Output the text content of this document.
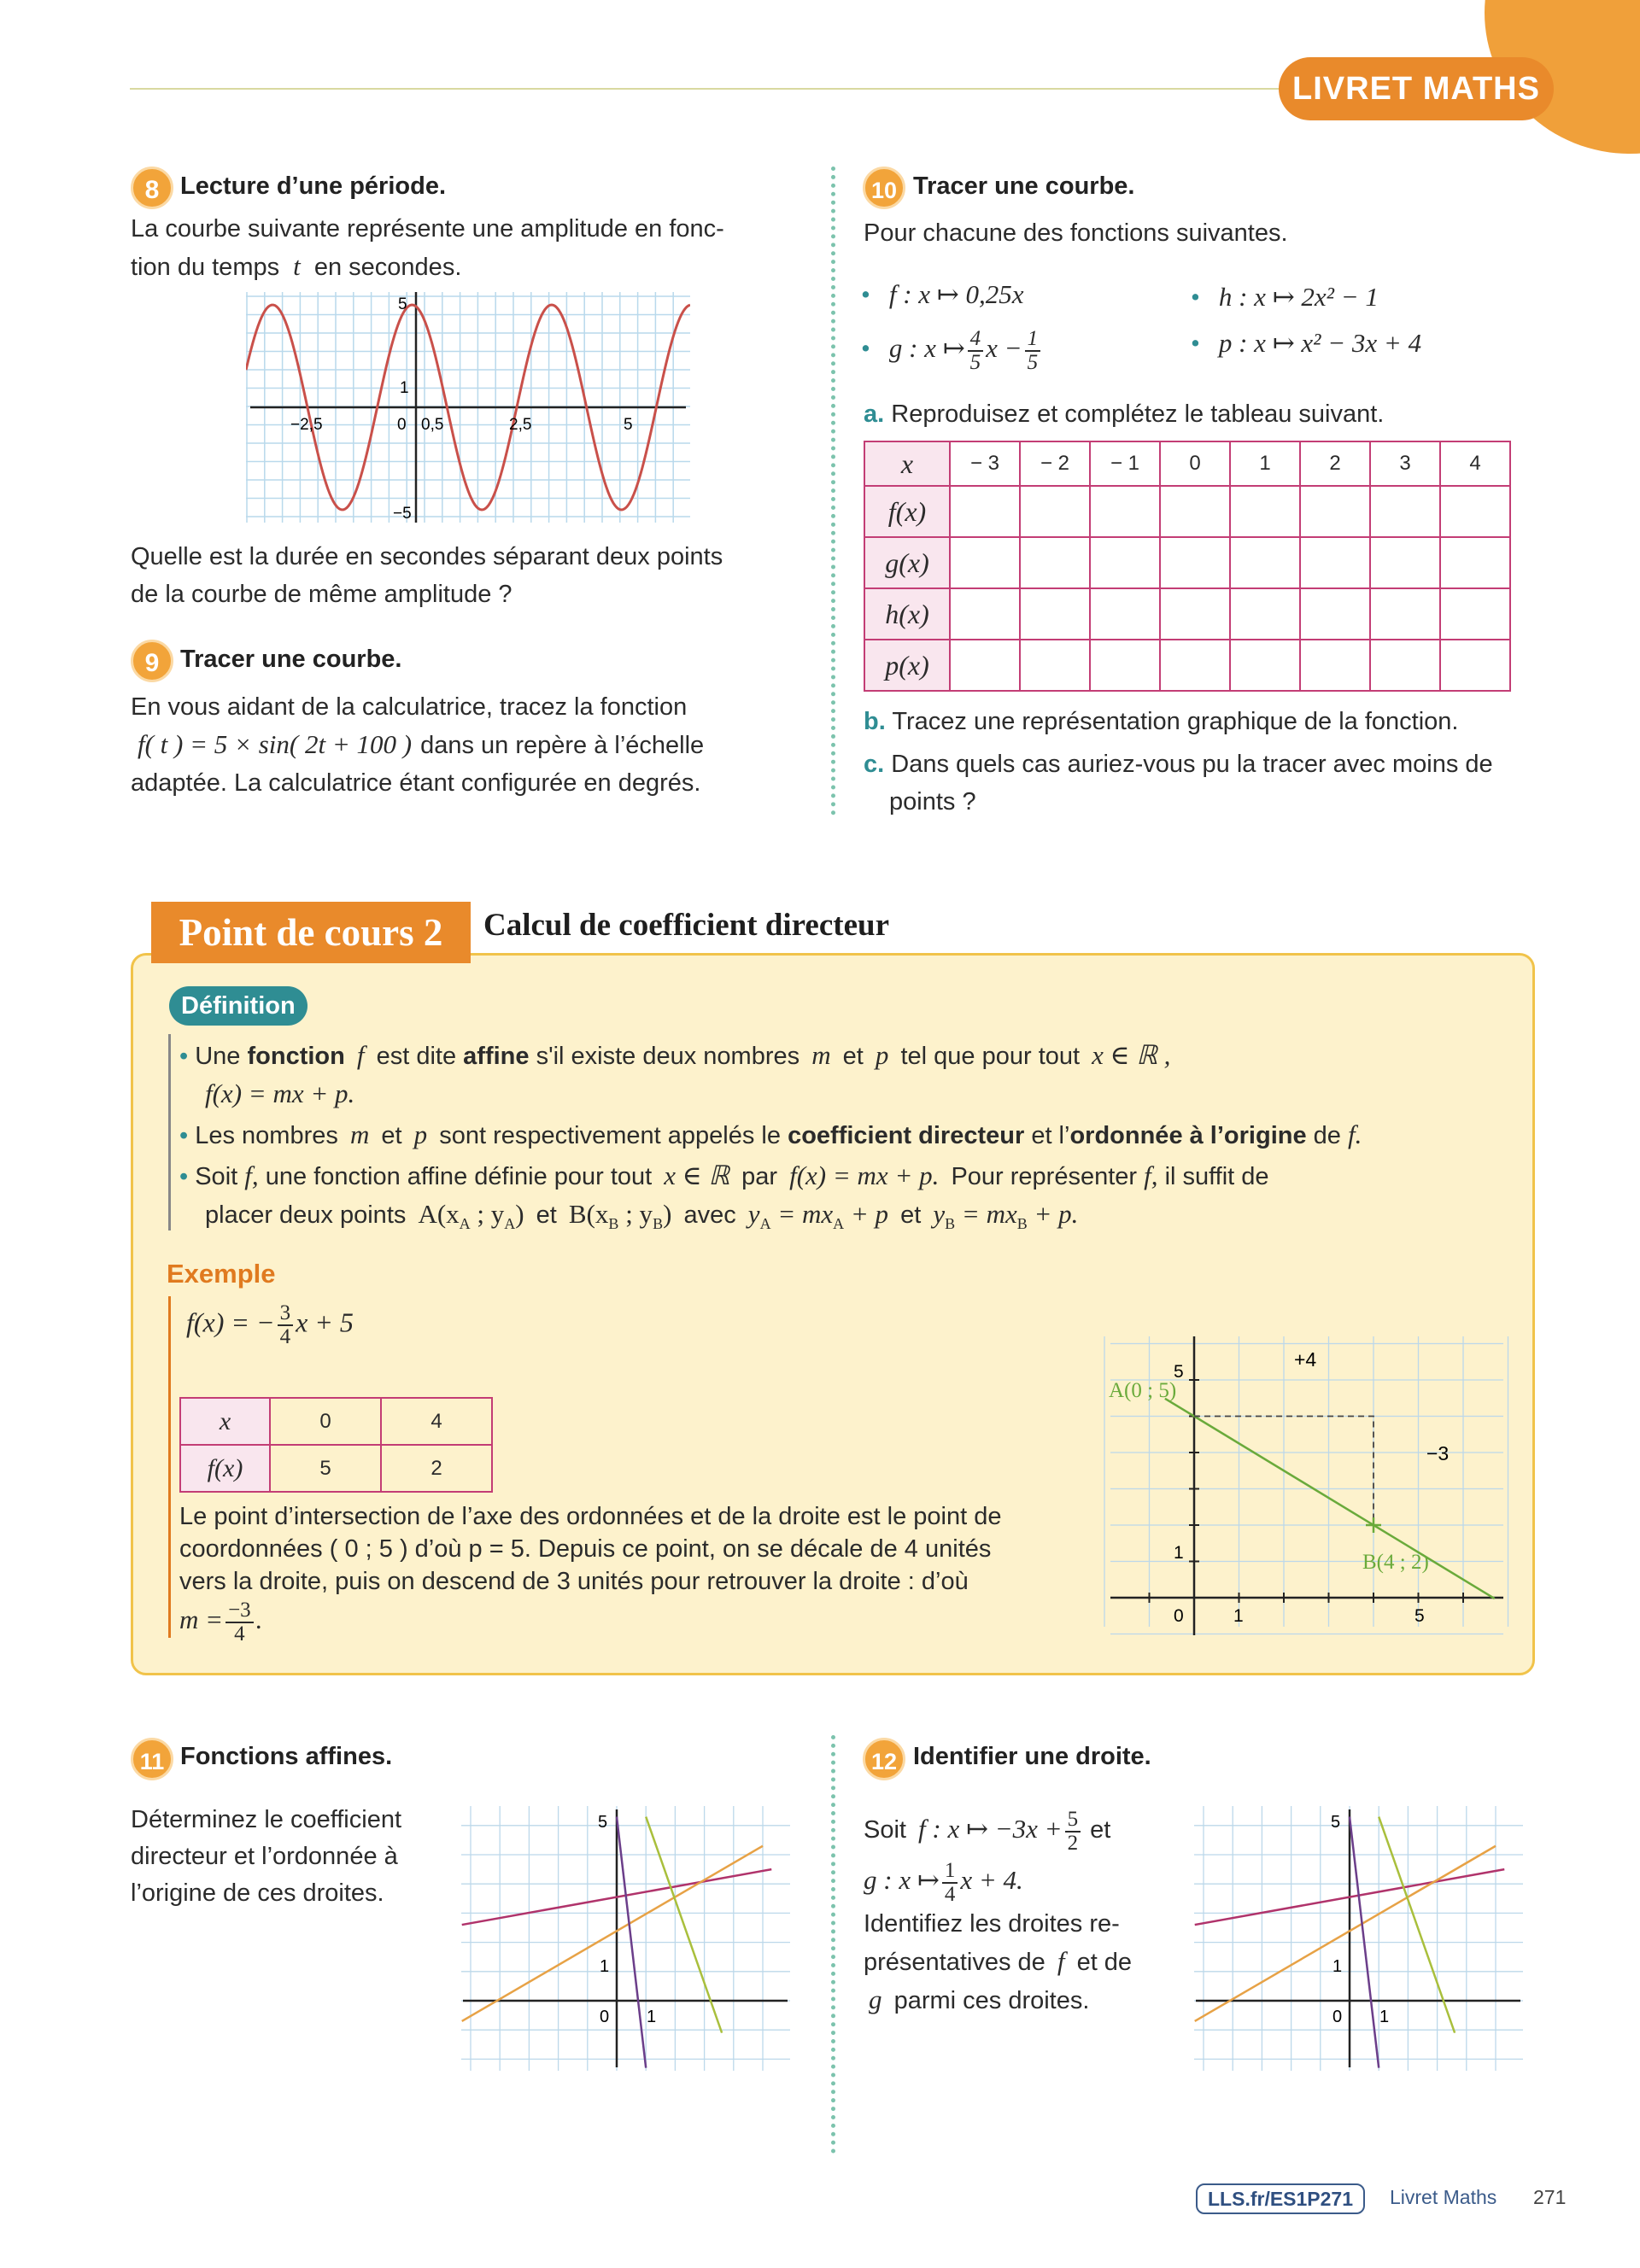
LIVRET MATHS
8 Lecture d’une période.
La courbe suivante représente une amplitude en fonc-
tion du temps t en secondes.
5
1
−5
−2,5	0 0,5	2,5	5
Quelle est la durée en secondes séparant deux points
de la courbe de même amplitude ?
9 Tracer une courbe.
En vous aidant de la calculatrice, tracez la fonction
f( t ) = 5 × sin( 2t + 100 ) dans un repère à l’échelle
adaptée. La calculatrice étant configurée en degrés.
10 Tracer une courbe.
Pour chacune des fonctions suivantes.
• f : x ↦ 0,25x	• h : x ↦ 2x² − 1
• g : x ↦ $\frac{4}{5}$ $x - \frac{1}{5}$	• p : x ↦ x² − 3x + 4
a. Reproduisez et complétez le tableau suivant.
x	− 3	− 2	− 1	0	1	2	3	4
f(x)								
g(x)								
h(x)								
p(x)								
b. Tracez une représentation graphique de la fonction.
c. Dans quels cas auriez-vous pu la tracer avec moins de
points ?
Point de cours 2	Calcul de coefficient directeur
Définition
• Une fonction f est dite affine s'il existe deux nombres m et p tel que pour tout x ∈ ℝ ,
f(x) = mx + p.
• Les nombres m et p sont respectivement appelés le coefficient directeur et l’ordonnée à l’origine de f.
• Soit f, une fonction affine définie pour tout x ∈ ℝ par f(x) = mx + p. Pour représenter f, il suffit de
placer deux points $A(x_A$ ; $y_A$) et $B(x_B$ ; $y_B$) avec $y_A = mx_A + p$ et $y_B = mx_B + p$.
Exemple
f(x) = − $\frac{3}{4}$ x + 5
x	0	4
f(x)	5	2
Le point d’intersection de l’axe des ordonnées et de la droite est le point de
coordonnées ( 0 ; 5 ) d’où p = 5. Depuis ce point, on se décale de 4 unités
vers la droite, puis on descend de 3 unités pour retrouver la droite : d’où
$m = \frac{-3}{4}$ .
A(0 ; 5)
B(4 ; 2)
+4
−3
5
1
0	1	5
11 Fonctions affines.
Déterminez le coefficient
directeur et l’ordonnée à
l’origine de ces droites.
5
1
0 1
12 Identifier une droite.
Soit f : x ↦ $-3x + \frac{5}{2}$ et
g : x ↦ $\frac{1}{4}$ x + 4.
Identifiez les droites re-
présentatives de f et de
g parmi ces droites.
5
1
0 1
LLS.fr/ES1P271	Livret Maths 271
